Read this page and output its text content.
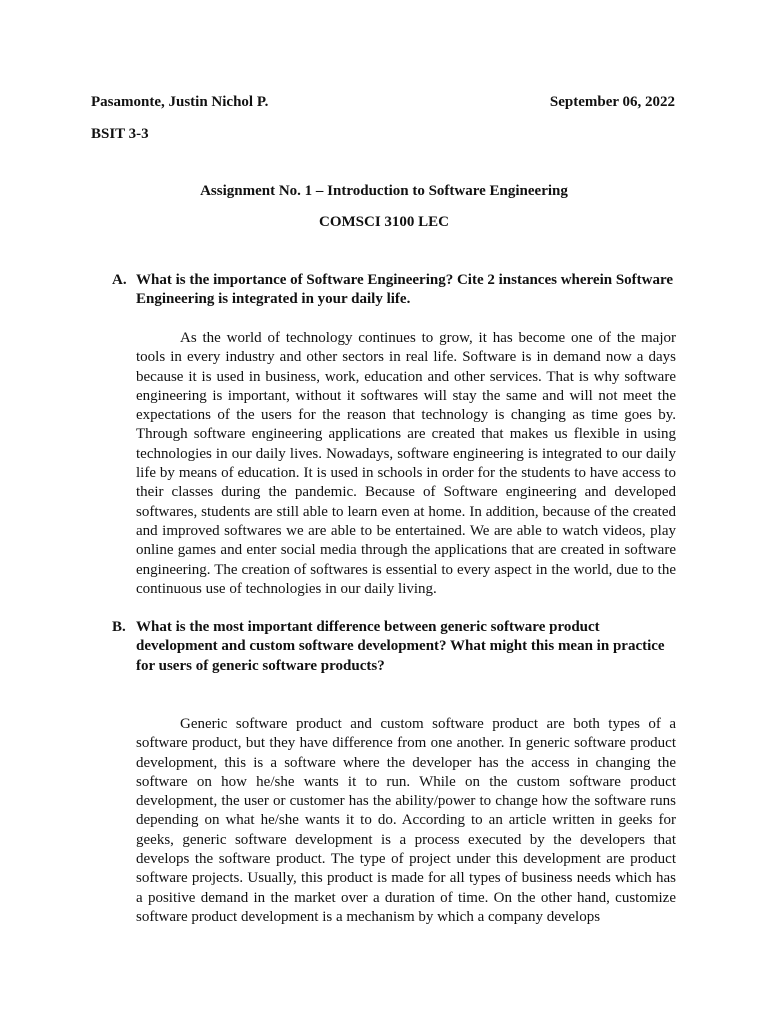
Pasamonte, Justin Nichol P.	September 06, 2022
BSIT 3-3
Assignment No. 1 – Introduction to Software Engineering
COMSCI 3100 LEC
A. What is the importance of Software Engineering? Cite 2 instances wherein Software Engineering is integrated in your daily life.

As the world of technology continues to grow, it has become one of the major tools in every industry and other sectors in real life. Software is in demand now a days because it is used in business, work, education and other services. That is why software engineering is important, without it softwares will stay the same and will not meet the expectations of the users for the reason that technology is changing as time goes by. Through software engineering applications are created that makes us flexible in using technologies in our daily lives. Nowadays, software engineering is integrated to our daily life by means of education. It is used in schools in order for the students to have access to their classes during the pandemic. Because of Software engineering and developed softwares, students are still able to learn even at home. In addition, because of the created and improved softwares we are able to be entertained. We are able to watch videos, play online games and enter social media through the applications that are created in software engineering. The creation of softwares is essential to every aspect in the world, due to the continuous use of technologies in our daily living.

B. What is the most important difference between generic software product development and custom software development? What might this mean in practice for users of generic software products?

Generic software product and custom software product are both types of a software product, but they have difference from one another. In generic software product development, this is a software where the developer has the access in changing the software on how he/she wants it to run. While on the custom software product development, the user or customer has the ability/power to change how the software runs depending on what he/she wants it to do. According to an article written in geeks for geeks, generic software development is a process executed by the developers that develops the software product. The type of project under this development are product software projects. Usually, this product is made for all types of business needs which has a positive demand in the market over a duration of time. On the other hand, customize software product development is a mechanism by which a company develops
